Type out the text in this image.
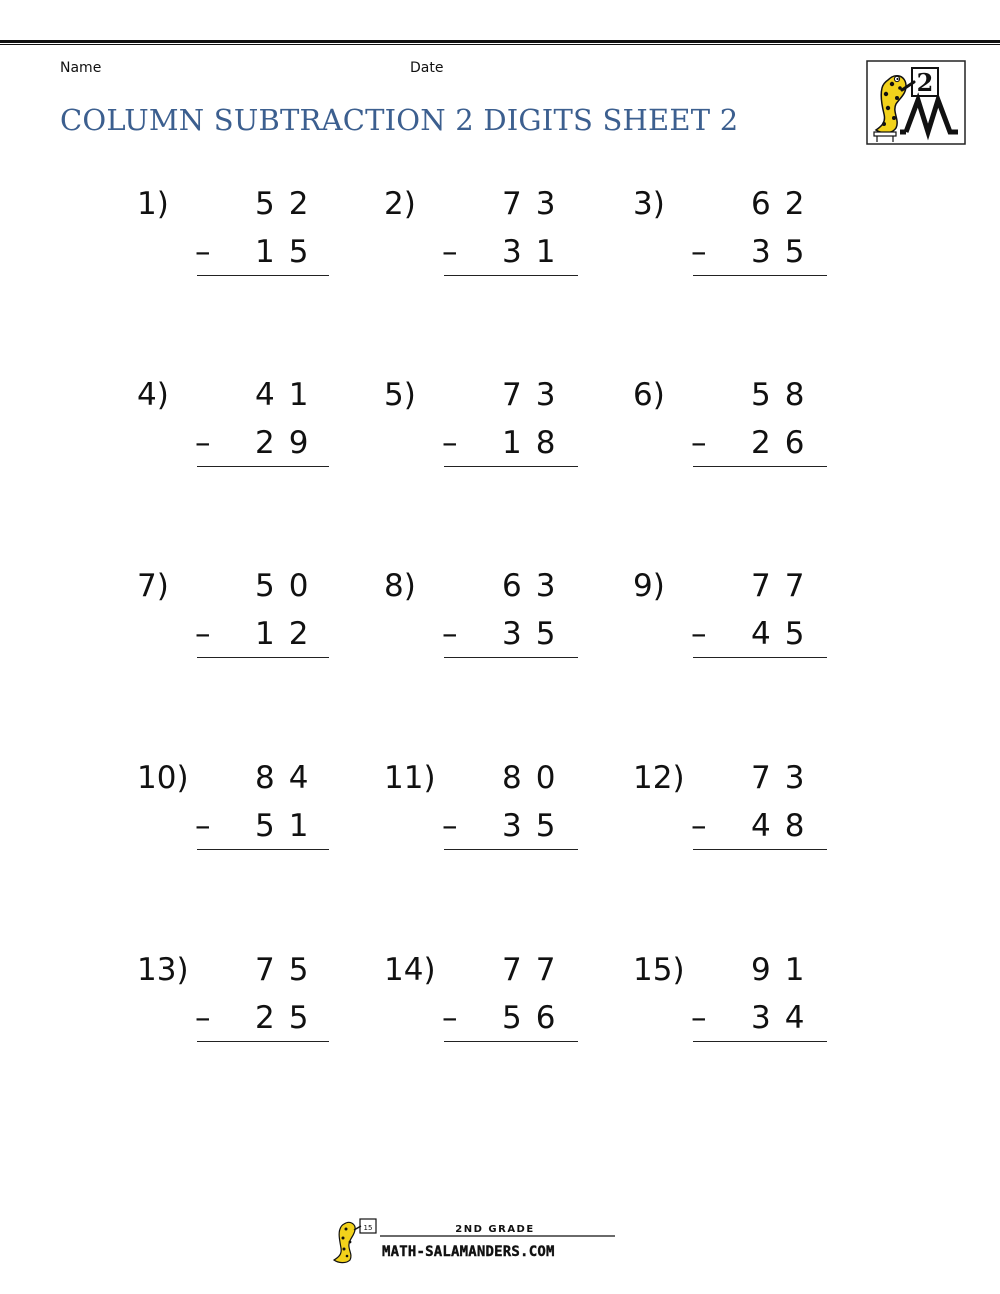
Name	Date
COLUMN SUBTRACTION 2 DIGITS SHEET 2
2
1)	52
– 15
2)	73
– 31
3)	62
– 35
4)	41
– 29
5)	73
– 18
6)	58
– 26
7)	50
– 12
8)	63
– 35
9)	77
– 45
10) 84
– 51
11) 80
– 35
12) 73
– 48
13) 75
– 25
14) 77
– 56
15) 91
– 34
15	2ND GRADE
MATH-SALAMANDERS.COM
